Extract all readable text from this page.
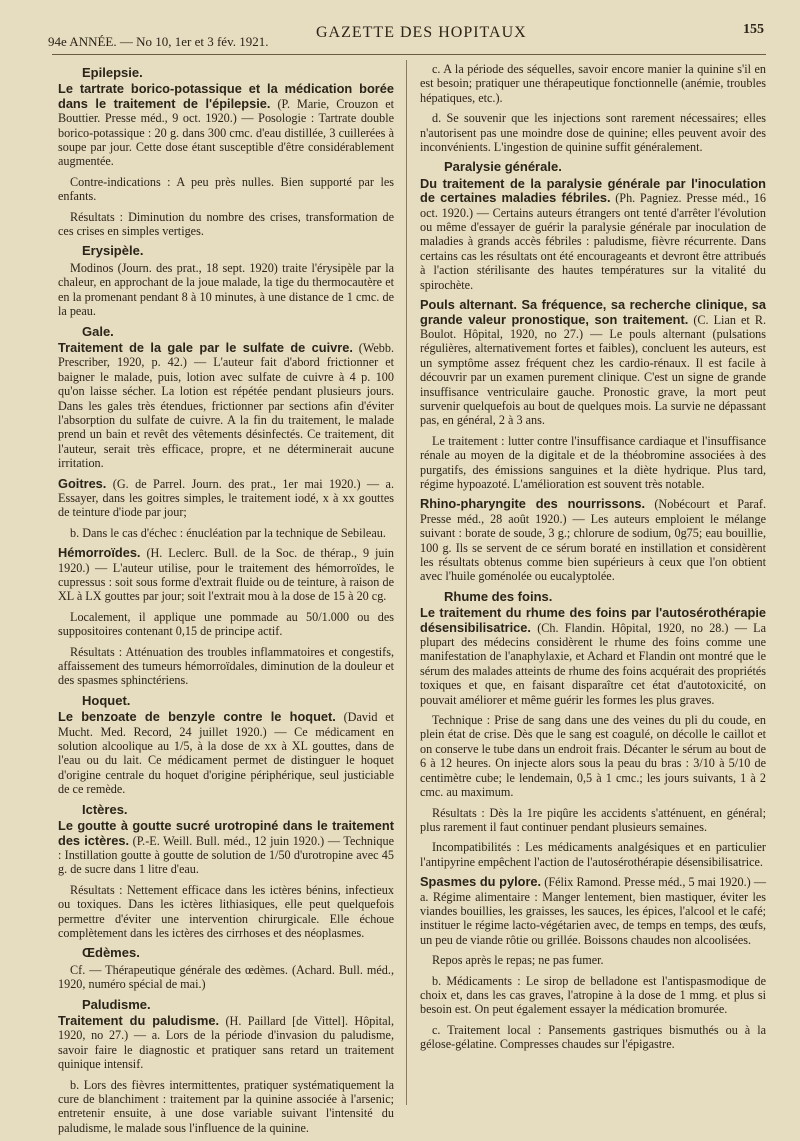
94e ANNÉE. — No 10, 1er et 3 fév. 1921.
GAZETTE DES HOPITAUX	155
Epilepsie.

Le tartrate borico-potassique et la médication borée dans le traitement de l'épilepsie. (P. Marie, Crouzon et Bouttier. Presse méd., 9 oct. 1920.) — Posologie : Tartrate double borico-potassique : 20 g. dans 300 cmc. d'eau distillée, 3 cuillerées à soupe par jour. Cette dose étant susceptible d'être considérablement augmentée.

Contre-indications : A peu près nulles. Bien supporté par les enfants.

Résultats : Diminution du nombre des crises, transformation de ces crises en simples vertiges.

Erysipèle.

Modinos (Journ. des prat., 18 sept. 1920) traite l'érysipèle par la chaleur, en approchant de la joue malade, la tige du thermocautère et en la promenant pendant 8 à 10 minutes, à une distance de 1 cmc. de la peau.

Gale.

Traitement de la gale par le sulfate de cuivre. (Webb. Prescriber, 1920, p. 42.) — L'auteur fait d'abord frictionner et baigner le malade, puis, lotion avec sulfate de cuivre à 4 p. 100 qu'on laisse sécher. La lotion est répétée pendant plusieurs jours. Dans les gales très étendues, frictionner par sections afin d'éviter l'absorption du sulfate de cuivre. A la fin du traitement, le malade prend un bain et revêt des vêtements désinfectés. Ce traitement, dit l'auteur, serait très efficace, propre, et ne déterminerait aucune irritation.

Goitres. (G. de Parrel. Journ. des prat., 1er mai 1920.) — a. Essayer, dans les goitres simples, le traitement iodé, x à xx gouttes de teinture d'iode par jour;

b. Dans le cas d'échec : énucléation par la technique de Sebileau.

Hémorroïdes. (H. Leclerc. Bull. de la Soc. de thérap., 9 juin 1920.) — L'auteur utilise, pour le traitement des hémorroïdes, le cupressus : soit sous forme d'extrait fluide ou de teinture, à raison de XL à LX gouttes par jour; soit l'extrait mou à la dose de 15 à 20 cg.

Localement, il applique une pommade au 50/1.000 ou des suppositoires contenant 0,15 de principe actif.

Résultats : Atténuation des troubles inflammatoires et congestifs, affaissement des tumeurs hémorroïdales, diminution de la douleur et des spasmes sphinctériens.

Hoquet.

Le benzoate de benzyle contre le hoquet. (David et Mucht. Med. Record, 24 juillet 1920.) — Ce médicament en solution alcoolique au 1/5, à la dose de xx à XL gouttes, dans de l'eau ou du lait. Ce médicament permet de distinguer le hoquet d'origine centrale du hoquet d'origine périphérique, seul justiciable de ce remède.

Ictères.

Le goutte à goutte sucré urotropiné dans le traitement des ictères. (P.-E. Weill. Bull. méd., 12 juin 1920.) — Technique : Instillation goutte à goutte de solution de 1/50 d'urotropine avec 45 g. de sucre dans 1 litre d'eau.

Résultats : Nettement efficace dans les ictères bénins, infectieux ou toxiques. Dans les ictères lithiasiques, elle peut quelquefois permettre d'éviter une intervention chirurgicale. Elle échoue complètement dans les ictères des cirrhoses et des néoplasmes.

Œdèmes.

Cf. — Thérapeutique générale des œdèmes. (Achard. Bull. méd., 1920, numéro spécial de mai.)

Paludisme.

Traitement du paludisme. (H. Paillard [de Vittel]. Hôpital, 1920, no 27.) — a. Lors de la période d'invasion du paludisme, savoir faire le diagnostic et pratiquer sans retard un traitement quinique intensif.

b. Lors des fièvres intermittentes, pratiquer systématiquement la cure de blanchiment : traitement par la quinine associée à l'arsenic; entretenir ensuite, à une dose variable suivant l'intensité du paludisme, le malade sous l'influence de la quinine.

c. A la période des séquelles, savoir encore manier la quinine s'il en est besoin; pratiquer une thérapeutique fonctionnelle (anémie, troubles hépatiques, etc.).

d. Se souvenir que les injections sont rarement nécessaires; elles n'autorisent pas une moindre dose de quinine; elles peuvent avoir des inconvénients. L'ingestion de quinine suffit généralement.

Paralysie générale.

Du traitement de la paralysie générale par l'inoculation de certaines maladies fébriles. (Ph. Pagniez. Presse méd., 16 oct. 1920.) — Certains auteurs étrangers ont tenté d'arrêter l'évolution ou même d'essayer de guérir la paralysie générale par inoculation de maladies à grands accès fébriles : paludisme, fièvre récurrente. Dans certains cas les résultats ont été encourageants et devront être attribués à l'action stérilisante des hautes températures sur la vitalité du spirochète.

Pouls alternant. Sa fréquence, sa recherche clinique, sa grande valeur pronostique, son traitement. (C. Lian et R. Boulot. Hôpital, 1920, no 27.) — Le pouls alternant (pulsations régulières, alternativement fortes et faibles), concluent les auteurs, est un symptôme assez fréquent chez les cardio-rénaux. Il est facile à découvrir par un examen purement clinique. C'est un signe de grande insuffisance ventriculaire gauche. Pronostic grave, la mort peut survenir quelquefois au bout de quelques mois. La survie ne dépassant pas, en général, 2 à 3 ans.

Le traitement : lutter contre l'insuffisance cardiaque et l'insuffisance rénale au moyen de la digitale et de la théobromine associées à des purgatifs, des émissions sanguines et la diète hydrique. Plus tard, régime hypoazoté. L'amélioration est souvent très notable.

Rhino-pharyngite des nourrissons. (Nobécourt et Paraf. Presse méd., 28 août 1920.) — Les auteurs emploient le mélange suivant : borate de soude, 3 g.; chlorure de sodium, 0g75; eau bouillie, 100 g. Ils se servent de ce sérum boraté en instillation et considèrent les résultats obtenus comme bien supérieurs à ceux que l'on obtient avec l'huile goménolée ou eucalyptolée.

Rhume des foins.

Le traitement du rhume des foins par l'autosérothérapie désensibilisatrice. (Ch. Flandin. Hôpital, 1920, no 28.) — La plupart des médecins considèrent le rhume des foins comme une manifestation de l'anaphylaxie, et Achard et Flandin ont montré que le sérum des malades atteints de rhume des foins acquérait des propriétés toxiques et que, en faisant disparaître cet état d'autotoxicité, on pouvait améliorer et même guérir les formes les plus graves.

Technique : Prise de sang dans une des veines du pli du coude, en plein état de crise. Dès que le sang est coagulé, on décolle le caillot et on conserve le tube dans un endroit frais. Décanter le sérum au bout de 6 à 12 heures. On injecte alors sous la peau du bras : 3/10 à 5/10 de centimètre cube; le lendemain, 0,5 à 1 cmc.; les jours suivants, 1 à 2 cmc. au maximum.

Résultats : Dès la 1re piqûre les accidents s'atténuent, en général; plus rarement il faut continuer pendant plusieurs semaines.

Incompatibilités : Les médicaments analgésiques et en particulier l'antipyrine empêchent l'action de l'autosérothérapie désensibilisatrice.

Spasmes du pylore. (Félix Ramond. Presse méd., 5 mai 1920.) — a. Régime alimentaire : Manger lentement, bien mastiquer, éviter les viandes bouillies, les graisses, les sauces, les épices, l'alcool et le café; instituer le régime lacto-végétarien avec, de temps en temps, des œufs, un peu de viande rôtie ou grillée. Boissons chaudes non alcoolisées.

Repos après le repas; ne pas fumer.

b. Médicaments : Le sirop de belladone est l'antispasmodique de choix et, dans les cas graves, l'atropine à la dose de 1 mmg. et plus si besoin est. On peut également essayer la médication bromurée.

c. Traitement local : Pansements gastriques bismuthés ou à la gélose-gélatine. Compresses chaudes sur l'épigastre.
